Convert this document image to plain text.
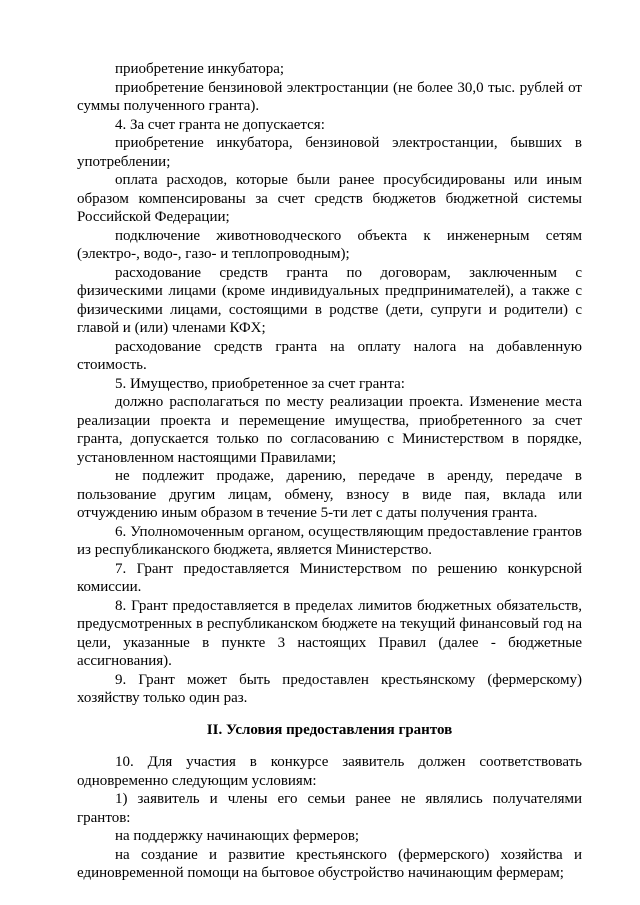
приобретение инкубатора;

приобретение бензиновой электростанции (не более 30,0 тыс. рублей от суммы полученного гранта).

4. За счет гранта не допускается:

приобретение инкубатора, бензиновой электростанции, бывших в употреблении;

оплата расходов, которые были ранее просубсидированы или иным образом компенсированы за счет средств бюджетов бюджетной системы Российской Федерации;

подключение животноводческого объекта к инженерным сетям (электро-, водо-, газо- и теплопроводным);

расходование средств гранта по договорам, заключенным с физическими лицами (кроме индивидуальных предпринимателей), а также с физическими лицами, состоящими в родстве (дети, супруги и родители) с главой и (или) членами КФХ;

расходование средств гранта на оплату налога на добавленную стоимость.

5. Имущество, приобретенное за счет гранта:

должно располагаться по месту реализации проекта. Изменение места реализации проекта и перемещение имущества, приобретенного за счет гранта, допускается только по согласованию с Министерством в порядке, установленном настоящими Правилами;

не подлежит продаже, дарению, передаче в аренду, передаче в пользование другим лицам, обмену, взносу в виде пая, вклада или отчуждению иным образом в течение 5-ти лет с даты получения гранта.

6. Уполномоченным органом, осуществляющим предоставление грантов из республиканского бюджета, является Министерство.

7. Грант предоставляется Министерством по решению конкурсной комиссии.

8. Грант предоставляется в пределах лимитов бюджетных обязательств, предусмотренных в республиканском бюджете на текущий финансовый год на цели, указанные в пункте 3 настоящих Правил (далее - бюджетные ассигнования).

9. Грант может быть предоставлен крестьянскому (фермерскому) хозяйству только один раз.

II. Условия предоставления грантов

10. Для участия в конкурсе заявитель должен соответствовать одновременно следующим условиям:

1) заявитель и члены его семьи ранее не являлись получателями грантов:

на поддержку начинающих фермеров;

на создание и развитие крестьянского (фермерского) хозяйства и единовременной помощи на бытовое обустройство начинающим фермерам;
